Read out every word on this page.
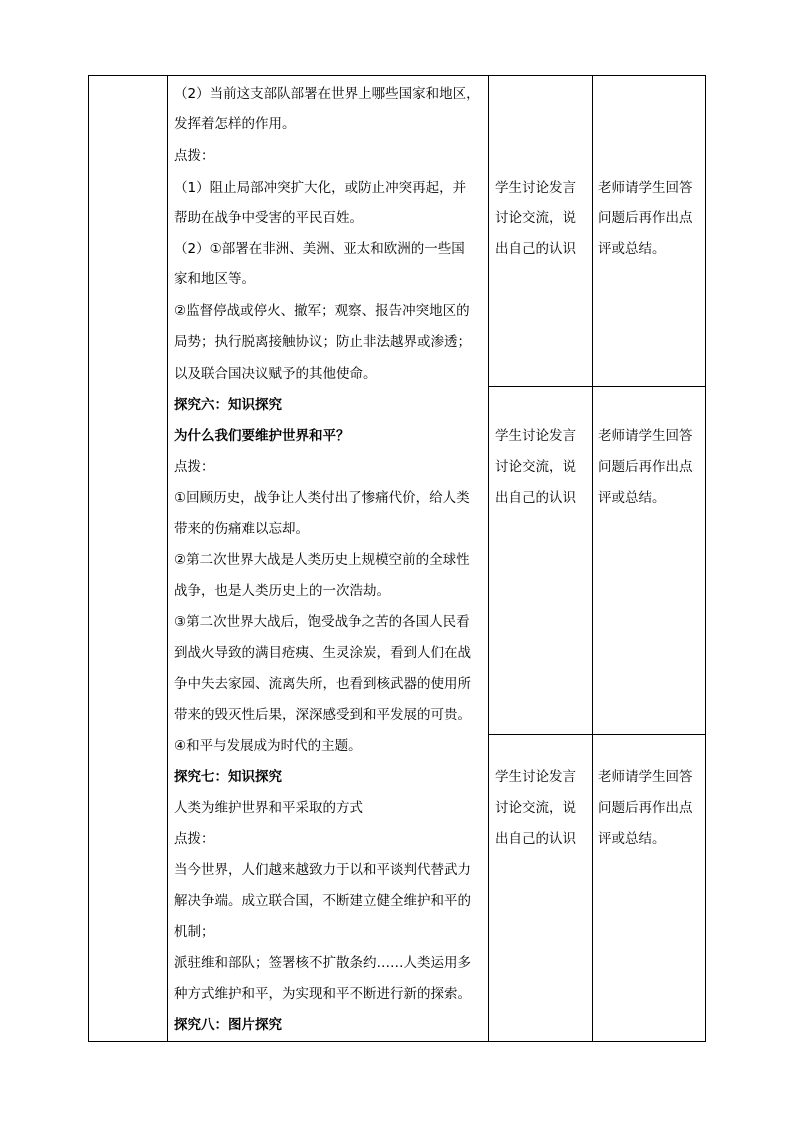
（2）当前这支部队部署在世界上哪些国家和地区，
发挥着怎样的作用。
点拨：
（1）阻止局部冲突扩大化，或防止冲突再起，并
帮助在战争中受害的平民百姓。
（2）①部署在非洲、美洲、亚太和欧洲的一些国
家和地区等。
②监督停战或停火、撤军；观察、报告冲突地区的
局势；执行脱离接触协议；防止非法越界或渗透；
以及联合国决议赋予的其他使命。
探究六：知识探究
为什么我们要维护世界和平？
点拨：
①回顾历史，战争让人类付出了惨痛代价，给人类
带来的伤痛难以忘却。
②第二次世界大战是人类历史上规模空前的全球性
战争，也是人类历史上的一次浩劫。
③第二次世界大战后，饱受战争之苦的各国人民看
到战火导致的满目疮痍、生灵涂炭，看到人们在战
争中失去家园、流离失所，也看到核武器的使用所
带来的毁灭性后果，深深感受到和平发展的可贵。
④和平与发展成为时代的主题。
探究七：知识探究
人类为维护世界和平采取的方式
点拨：
当今世界，人们越来越致力于以和平谈判代替武力
解决争端。成立联合国，不断建立健全维护和平的
机制；
派驻维和部队；签署核不扩散条约……人类运用多
种方式维护和平，为实现和平不断进行新的探索。
探究八：图片探究
学生讨论发言
讨论交流，说
出自己的认识
学生讨论发言
讨论交流，说
出自己的认识
学生讨论发言
讨论交流，说
出自己的认识
老师请学生回答
问题后再作出点
评或总结。
老师请学生回答
问题后再作出点
评或总结。
老师请学生回答
问题后再作出点
评或总结。
